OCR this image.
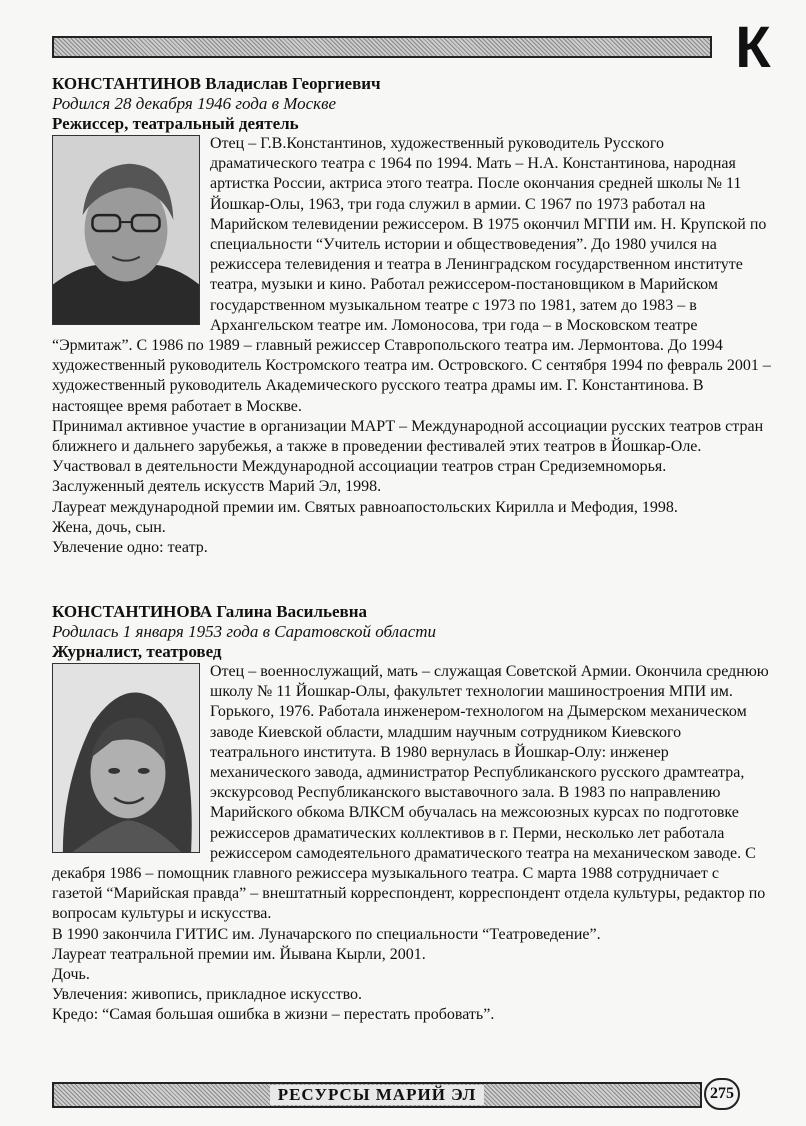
К
КОНСТАНТИНОВ Владислав Георгиевич
Родился 28 декабря 1946 года в Москве
Режиссер, театральный деятель

Отец – Г.В.Константинов, художественный руководитель Русского драматического театра с 1964 по 1994. Мать – Н.А. Константинова, народная артистка России, актриса этого театра. После окончания средней школы № 11 Йошкар-Олы, 1963, три года служил в армии. С 1967 по 1973 работал на Марийском телевидении режиссером. В 1975 окончил МГПИ им. Н. Крупской по специальности “Учитель истории и обществоведения”. До 1980 учился на режиссера телевидения и театра в Ленинградском государственном институте театра, музыки и кино. Работал режиссером-постановщиком в Марийском государственном музыкальном театре с 1973 по 1981, затем до 1983 – в Архангельском театре им. Ломоносова, три года – в Московском театре “Эрмитаж”. С 1986 по 1989 – главный режиссер Ставропольского театра им. Лермонтова. До 1994 художественный руководитель Костромского театра им. Островского. С сентября 1994 по февраль 2001 – художественный руководитель Академического русского театра драмы им. Г. Константинова. В настоящее время работает в Москве.

Принимал активное участие в организации МАРТ – Международной ассоциации русских театров стран ближнего и дальнего зарубежья, а также в проведении фестивалей этих театров в Йошкар-Оле. Участвовал в деятельности Международной ассоциации театров стран Средиземноморья.

Заслуженный деятель искусств Марий Эл, 1998.

Лауреат международной премии им. Святых равноапостольских Кирилла и Мефодия, 1998.

Жена, дочь, сын.

Увлечение одно: театр.

КОНСТАНТИНОВА Галина Васильевна
Родилась 1 января 1953 года в Саратовской области
Журналист, театровед

Отец – военнослужащий, мать – служащая Советской Армии. Окончила среднюю школу № 11 Йошкар-Олы, факультет технологии машиностроения МПИ им. Горького, 1976. Работала инженером-технологом на Дымерском механическом заводе Киевской области, младшим научным сотрудником Киевского театрального института. В 1980 вернулась в Йошкар-Олу: инженер механического завода, администратор Республиканского русского драмтеатра, экскурсовод Республиканского выставочного зала. В 1983 по направлению Марийского обкома ВЛКСМ обучалась на межсоюзных курсах по подготовке режиссеров драматических коллективов в г. Перми, несколько лет работала режиссером самодеятельного драматического театра на механическом заводе. С декабря 1986 – помощник главного режиссера музыкального театра. С марта 1988 сотрудничает с газетой “Марийская правда” – внештатный корреспондент, корреспондент отдела культуры, редактор по вопросам культуры и искусства.

В 1990 закончила ГИТИС им. Луначарского по специальности “Театроведение”.

Лауреат театральной премии им. Йывана Кырли, 2001.

Дочь.

Увлечения: живопись, прикладное искусство.

Кредо: “Самая большая ошибка в жизни – перестать пробовать”.

РЕСУРСЫ МАРИЙ ЭЛ	275
